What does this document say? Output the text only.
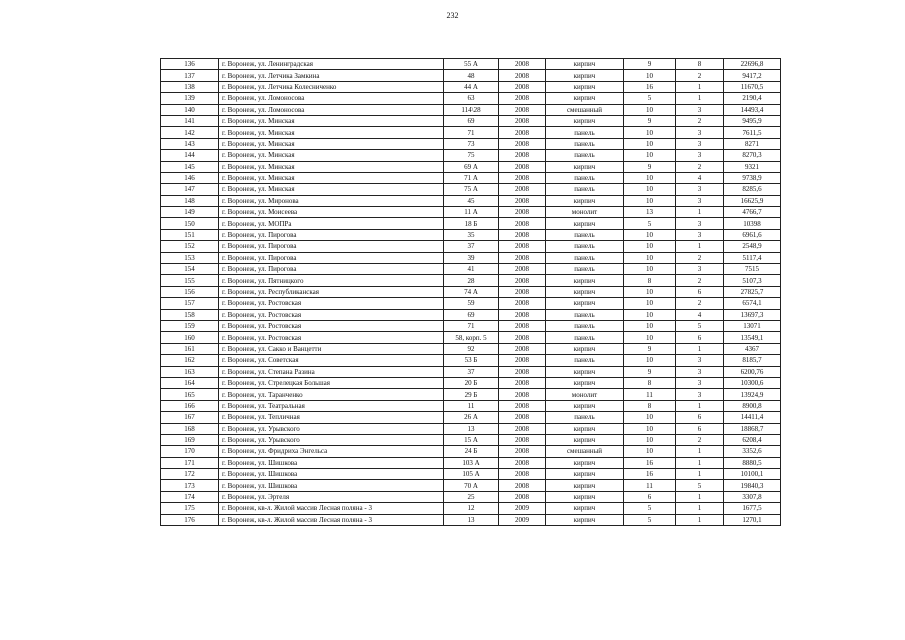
232
136	г. Воронеж, ул. Ленинградская	55 А	2008	кирпич	9	8	22696,8
137	г. Воронеж, ул. Летчика Замкина	48	2008	кирпич	10	2	9417,2
138	г. Воронеж, ул. Летчика Колесниченко	44 А	2008	кирпич	16	1	11670,5
139	г. Воронеж, ул. Ломоносова	63	2008	кирпич	5	1	2190,4
140	г. Воронеж, ул. Ломоносова	114\28	2008	смешанный	10	3	14493,4
141	г. Воронеж, ул. Минская	69	2008	кирпич	9	2	9495,9
142	г. Воронеж, ул. Минская	71	2008	панель	10	3	7611,5
143	г. Воронеж, ул. Минская	73	2008	панель	10	3	8271
144	г. Воронеж, ул. Минская	75	2008	панель	10	3	8270,3
145	г. Воронеж, ул. Минская	69 А	2008	кирпич	9	2	9321
146	г. Воронеж, ул. Минская	71 А	2008	панель	10	4	9738,9
147	г. Воронеж, ул. Минская	75 А	2008	панель	10	3	8285,6
148	г. Воронеж, ул. Миронова	45	2008	кирпич	10	3	16625,9
149	г. Воронеж, ул. Моисеева	11 А	2008	монолит	13	1	4766,7
150	г. Воронеж, ул. МОПРа	18 Б	2008	кирпич	5	3	10398
151	г. Воронеж, ул. Пирогова	35	2008	панель	10	3	6961,6
152	г. Воронеж, ул. Пирогова	37	2008	панель	10	1	2548,9
153	г. Воронеж, ул. Пирогова	39	2008	панель	10	2	5117,4
154	г. Воронеж, ул. Пирогова	41	2008	панель	10	3	7515
155	г. Воронеж, ул. Пятницкого	28	2008	кирпич	8	2	5107,3
156	г. Воронеж, ул. Республиканская	74 А	2008	кирпич	10	6	27825,7
157	г. Воронеж, ул. Ростовская	59	2008	кирпич	10	2	6574,1
158	г. Воронеж, ул. Ростовская	69	2008	панель	10	4	13697,3
159	г. Воронеж, ул. Ростовская	71	2008	панель	10	5	13071
160	г. Воронеж, ул. Ростовская	58, корп. 5	2008	панель	10	6	13549,1
161	г. Воронеж, ул. Сакко и Ванцетти	92	2008	кирпич	9	1	4367
162	г. Воронеж, ул. Советская	53 Б	2008	панель	10	3	8185,7
163	г. Воронеж, ул. Степана Разина	37	2008	кирпич	9	3	6200,76
164	г. Воронеж, ул. Стрелецкая Большая	20 Б	2008	кирпич	8	3	10300,6
165	г. Воронеж, ул. Таранченко	29 Б	2008	монолит	11	3	13924,9
166	г. Воронеж, ул. Театральная	11	2008	кирпич	8	1	8900,8
167	г. Воронеж, ул. Тепличная	26 А	2008	панель	10	6	14411,4
168	г. Воронеж, ул. Урывского	13	2008	кирпич	10	6	18868,7
169	г. Воронеж, ул. Урывского	15 А	2008	кирпич	10	2	6208,4
170	г. Воронеж, ул. Фридриха Энгельса	24 Б	2008	смешанный	10	1	3352,6
171	г. Воронеж, ул. Шишкова	103 А	2008	кирпич	16	1	8880,5
172	г. Воронеж, ул. Шишкова	105 А	2008	кирпич	16	1	10100,1
173	г. Воронеж, ул. Шишкова	70 А	2008	кирпич	11	5	19840,3
174	г. Воронеж, ул. Эртеля	25	2008	кирпич	6	1	3307,8
175	г. Воронеж, кв-л. Жилой массив Лесная поляна - 3	12	2009	кирпич	5	1	1677,5
176	г. Воронеж, кв-л. Жилой массив Лесная поляна - 3	13	2009	кирпич	5	1	1270,1
